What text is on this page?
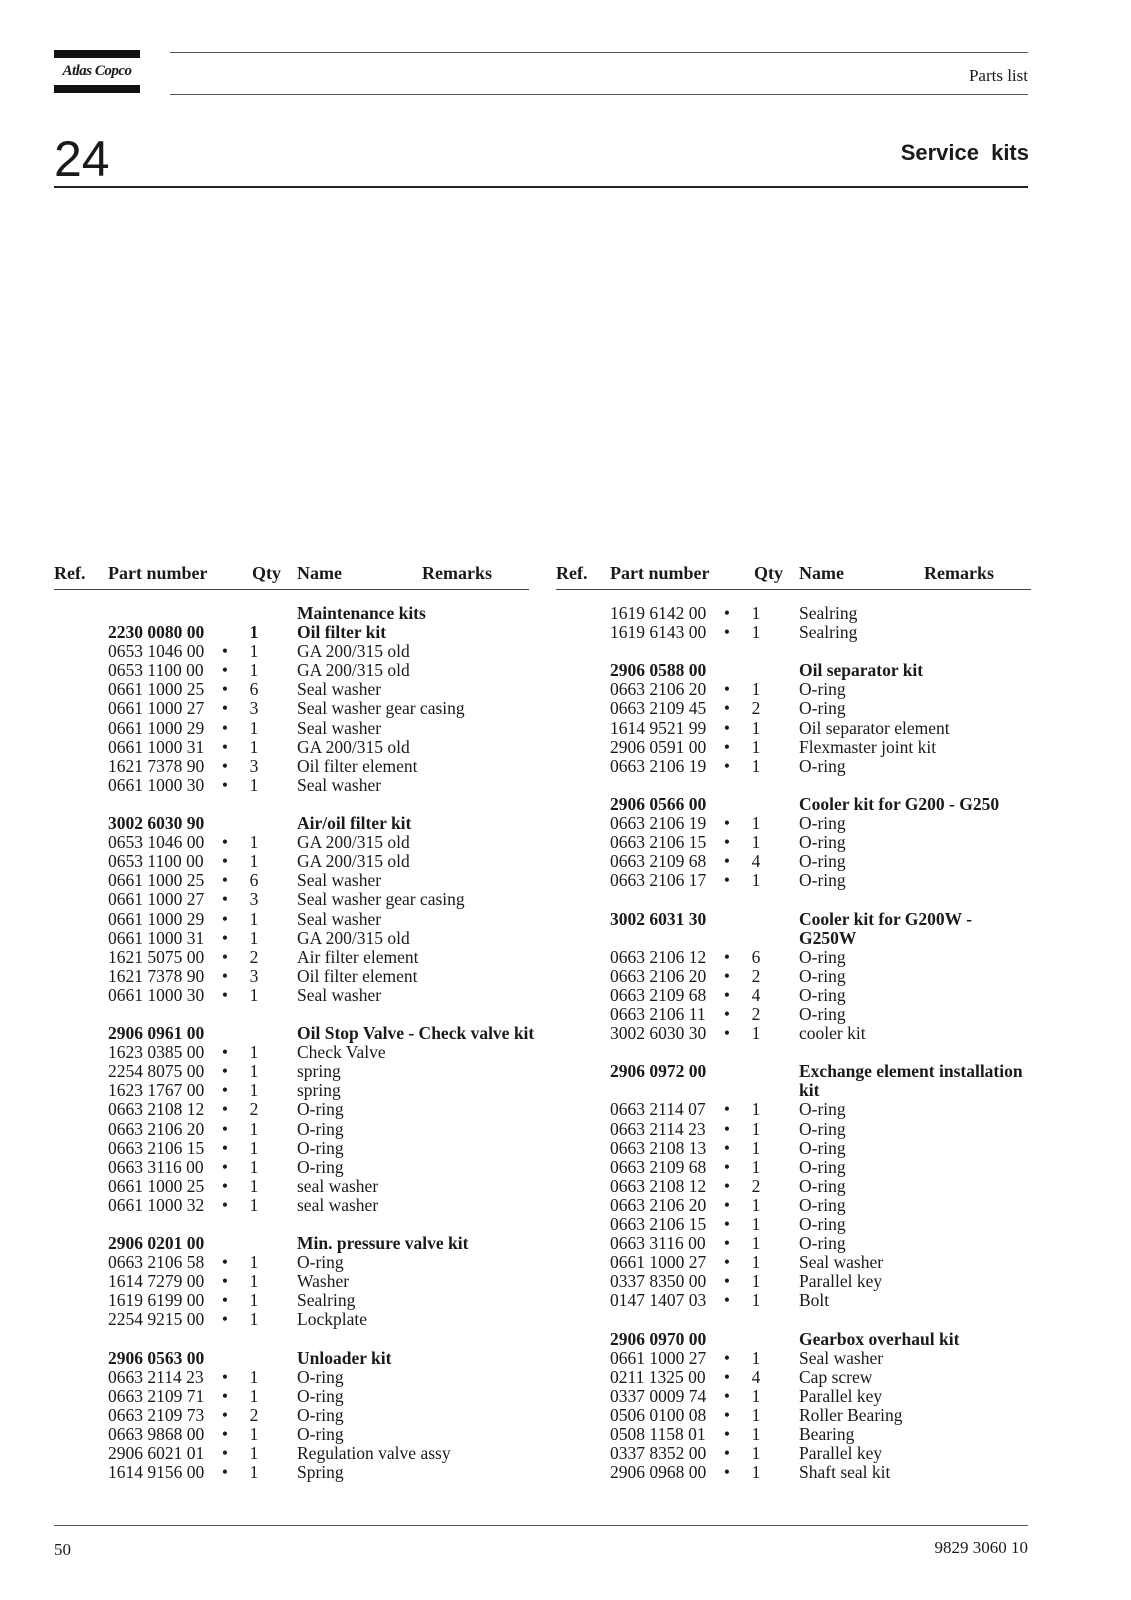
Atlas Copco	Parts list
24	Service kits
Ref. Part number Qty Name	Remarks
Maintenance kits
2230 0080 00	1 Oil filter kit
0653 1046 00 • 1 GA 200/315 old
0653 1100 00 • 1 GA 200/315 old
0661 1000 25 • 6 Seal washer
0661 1000 27 • 3 Seal washer gear casing
0661 1000 29 • 1 Seal washer
0661 1000 31 • 1 GA 200/315 old
1621 7378 90 • 3 Oil filter element
0661 1000 30 • 1 Seal washer
3002 6030 90	Air/oil filter kit
0653 1046 00 • 1 GA 200/315 old
0653 1100 00 • 1 GA 200/315 old
0661 1000 25 • 6 Seal washer
0661 1000 27 • 3 Seal washer gear casing
0661 1000 29 • 1 Seal washer
0661 1000 31 • 1 GA 200/315 old
1621 5075 00 • 2 Air filter element
1621 7378 90 • 3 Oil filter element
0661 1000 30 • 1 Seal washer
2906 0961 00	Oil Stop Valve - Check valve kit
1623 0385 00 • 1 Check Valve
2254 8075 00 • 1 spring
1623 1767 00 • 1 spring
0663 2108 12 • 2 O-ring
0663 2106 20 • 1 O-ring
0663 2106 15 • 1 O-ring
0663 3116 00 • 1 O-ring
0661 1000 25 • 1 seal washer
0661 1000 32 • 1 seal washer
2906 0201 00	Min. pressure valve kit
0663 2106 58 • 1 O-ring
1614 7279 00 • 1 Washer
1619 6199 00 • 1 Sealring
2254 9215 00 • 1 Lockplate
2906 0563 00	Unloader kit
0663 2114 23 • 1 O-ring
0663 2109 71 • 1 O-ring
0663 2109 73 • 2 O-ring
0663 9868 00 • 1 O-ring
2906 6021 01 • 1 Regulation valve assy
1614 9156 00 • 1 Spring
Ref. Part number Qty Name	Remarks
1619 6142 00 • 1 Sealring
1619 6143 00 • 1 Sealring
2906 0588 00	Oil separator kit
0663 2106 20 • 1 O-ring
0663 2109 45 • 2 O-ring
1614 9521 99 • 1 Oil separator element
2906 0591 00 • 1 Flexmaster joint kit
0663 2106 19 • 1 O-ring
2906 0566 00	Cooler kit for G200 - G250
0663 2106 19 • 1 O-ring
0663 2106 15 • 1 O-ring
0663 2109 68 • 4 O-ring
0663 2106 17 • 1 O-ring
3002 6031 30	Cooler kit for G200W -
G250W
0663 2106 12 • 6 O-ring
0663 2106 20 • 2 O-ring
0663 2109 68 • 4 O-ring
0663 2106 11 • 2 O-ring
3002 6030 30 • 1 cooler kit
2906 0972 00	Exchange element installation
kit
0663 2114 07 • 1 O-ring
0663 2114 23 • 1 O-ring
0663 2108 13 • 1 O-ring
0663 2109 68 • 1 O-ring
0663 2108 12 • 2 O-ring
0663 2106 20 • 1 O-ring
0663 2106 15 • 1 O-ring
0663 3116 00 • 1 O-ring
0661 1000 27 • 1 Seal washer
0337 8350 00 • 1 Parallel key
0147 1407 03 • 1 Bolt
2906 0970 00	Gearbox overhaul kit
0661 1000 27 • 1 Seal washer
0211 1325 00 • 4 Cap screw
0337 0009 74 • 1 Parallel key
0506 0100 08 • 1 Roller Bearing
0508 1158 01 • 1 Bearing
0337 8352 00 • 1 Parallel key
2906 0968 00 • 1 Shaft seal kit
50	9829 3060 10
